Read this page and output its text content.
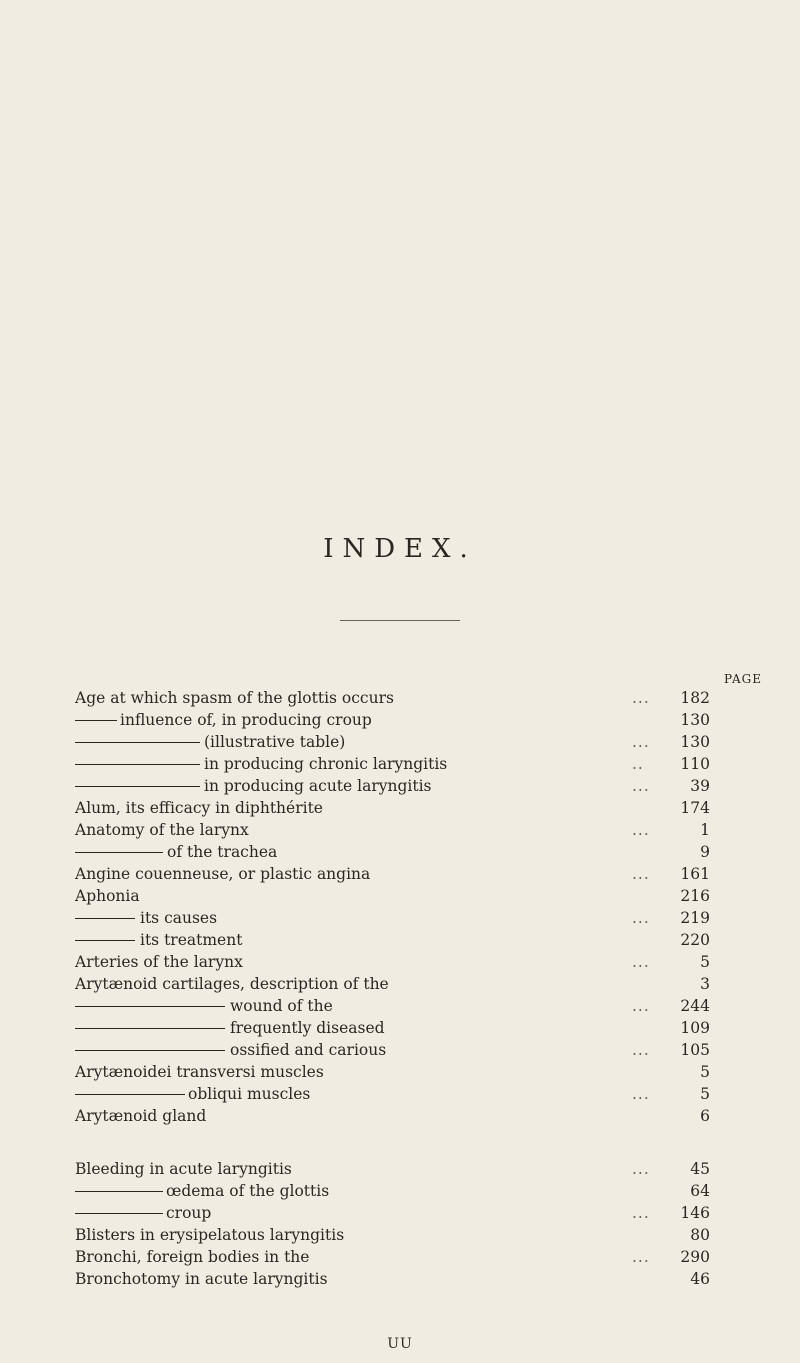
INDEX.
PAGE
Age at which spasm of the glottis occurs	...	182
influence of, in producing croup	130
(illustrative table)	...	130
in producing chronic laryngitis	..	110
in producing acute laryngitis	...	39
Alum, its efficacy in diphthérite	174
Anatomy of the larynx	...	1
of the trachea	9
Angine couenneuse, or plastic angina	...	161
Aphonia	216
its causes	...	219
its treatment	220
Arteries of the larynx	...	5
Arytænoid cartilages, description of the	3
wound of the	...	244
frequently diseased	109
ossified and carious	...	105
Arytænoidei transversi muscles	5
obliqui muscles	...	5
Arytænoid gland	6
Bleeding in acute laryngitis	...	45
œdema of the glottis	64
croup	...	146
Blisters in erysipelatous laryngitis	80
Bronchi, foreign bodies in the	...	290
Bronchotomy in acute laryngitis	46
UU
